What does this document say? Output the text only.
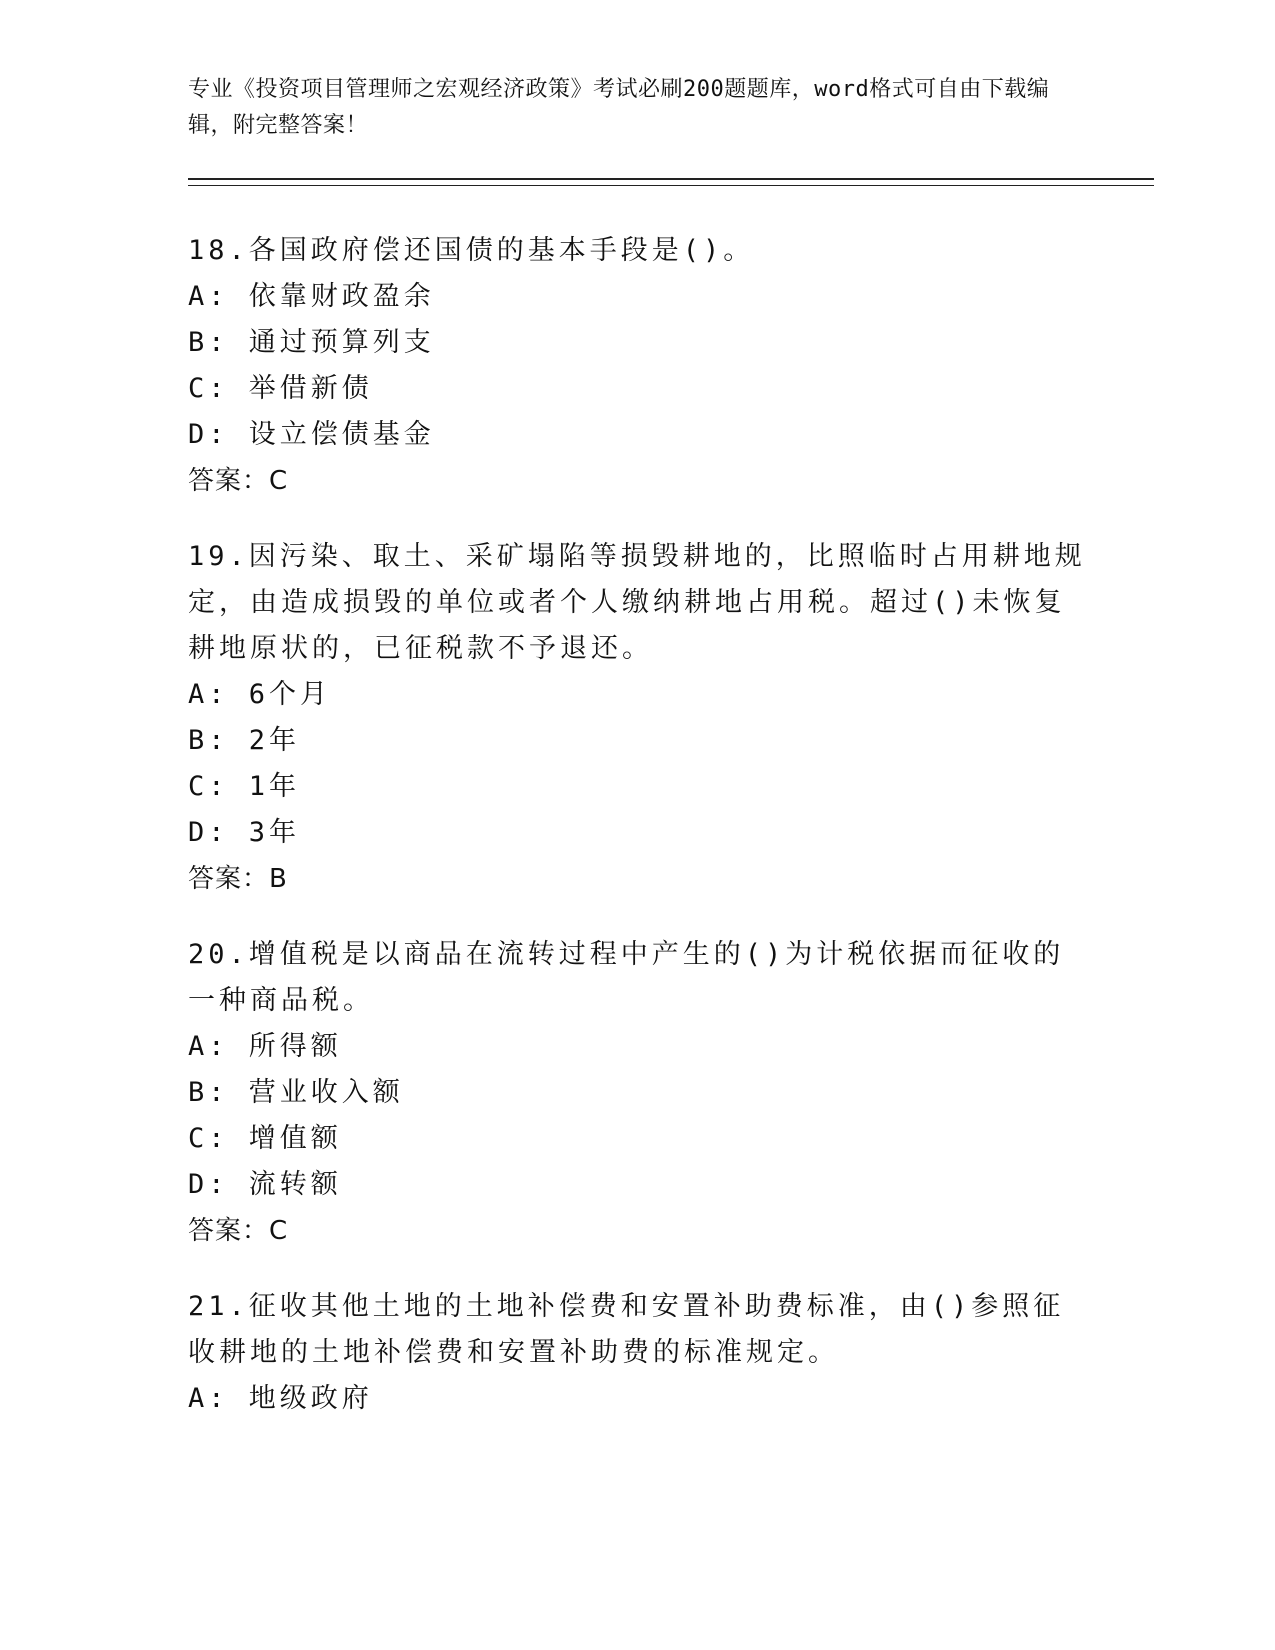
专业《投资项目管理师之宏观经济政策》考试必刷200题题库，word格式可自由下载编辑，附完整答案！
18.各国政府偿还国债的基本手段是()。
A: 依靠财政盈余
B: 通过预算列支
C: 举借新债
D: 设立偿债基金
答案：C
19.因污染、取土、采矿塌陷等损毁耕地的，比照临时占用耕地规定，由造成损毁的单位或者个人缴纳耕地占用税。超过()未恢复耕地原状的，已征税款不予退还。
A: 6个月
B: 2年
C: 1年
D: 3年
答案：B
20.增值税是以商品在流转过程中产生的()为计税依据而征收的一种商品税。
A: 所得额
B: 营业收入额
C: 增值额
D: 流转额
答案：C
21.征收其他土地的土地补偿费和安置补助费标准，由()参照征收耕地的土地补偿费和安置补助费的标准规定。
A: 地级政府
